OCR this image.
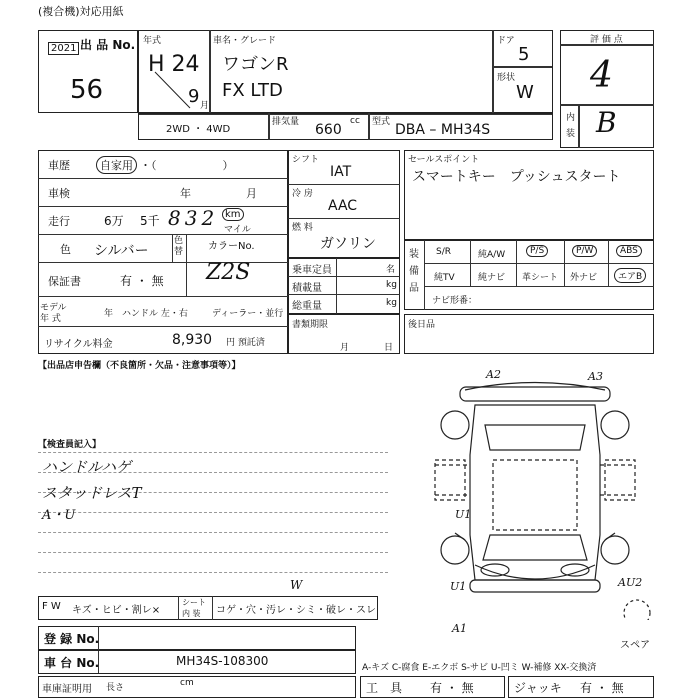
(複合機)対応用紙
出 品 No.
2021
56
年式
H 24
9 月
車名・グレード
ワゴンR
FX LTD
ドア
5
形状
W
評 価 点
4
内
装 B
2WD ・ 4WD
排気量	cc
660	型式 DBA – MH34S
車歴	自家用 ・（　　　　　　）
車検	年	月
走行	6万 5千 832 km
マイル
色 シルバー
色替 カラーNo.
Z2S
保証書	有 ・ 無
モデル
年 式	年 ハンドル 左・右	ディーラー・並行
リサイクル料金	8,930 円 預託済
シフト
IAT
冷 房
AAC
燃 料
ガソリン
乗車定員	名
積載量	kg
総重量	kg
書類期限
月	日
セールスポイント
スマートキー　プッシュスタート
装備品
S/R	純A/W	P/S	P/W	ABS
純TV	純ナビ 革シート 外ナビ	エアB
ナビ形番：
後日品
【出品店申告欄（不良箇所・欠品・注意事項等）】
【検査員記入】
ハンドルハゲ
スタッドレスT
A・U
A2	A3
U1
U1	AU2
A1
スペア
F W キズ・ヒビ・割レ×
シート
内 装 コゲ・穴・汚レ・シミ・破レ・スレ
W
登 録 No.
車 台 No.	MH34S-108300	A-キズ C-腐食 E-エクボ S-サビ U-凹ミ W-補修 XX-交換済
車庫証明用 長さ	cm	工　具 有 ・ 無	ジャッキ 有 ・ 無
